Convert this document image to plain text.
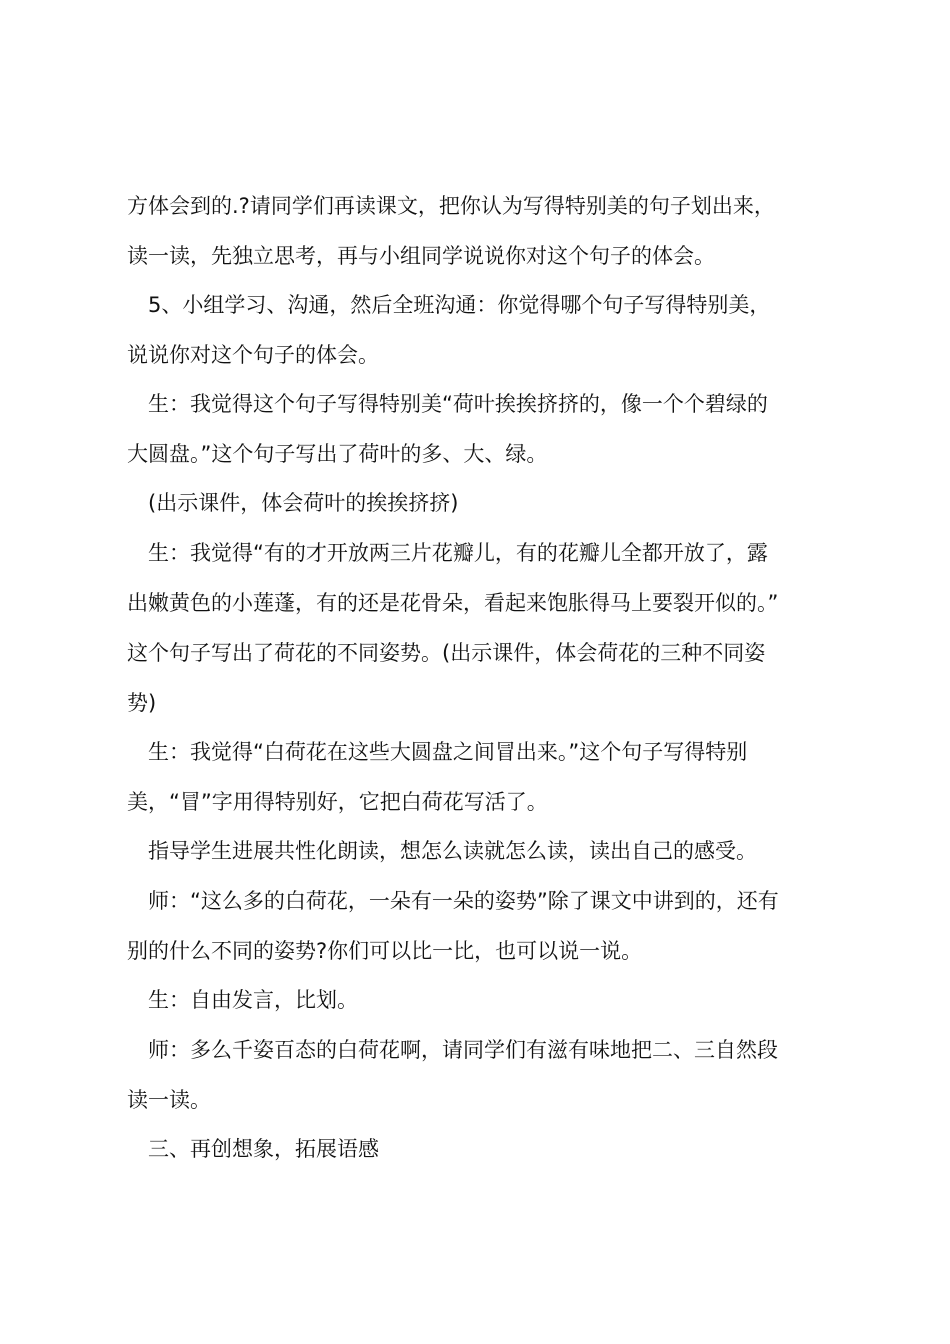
方体会到的.?请同学们再读课文，把你认为写得特别美的句子划出来，
读一读，先独立思考，再与小组同学说说你对这个句子的体会。

　5、小组学习、沟通，然后全班沟通：你觉得哪个句子写得特别美，
说说你对这个句子的体会。

　生：我觉得这个句子写得特别美“荷叶挨挨挤挤的，像一个个碧绿的
大圆盘。”这个句子写出了荷叶的多、大、绿。

　(出示课件，体会荷叶的挨挨挤挤)

　生：我觉得“有的才开放两三片花瓣儿，有的花瓣儿全都开放了，露
出嫩黄色的小莲蓬，有的还是花骨朵，看起来饱胀得马上要裂开似的。”
这个句子写出了荷花的不同姿势。(出示课件，体会荷花的三种不同姿
势)

　生：我觉得“白荷花在这些大圆盘之间冒出来。”这个句子写得特别
美，“冒”字用得特别好，它把白荷花写活了。

　指导学生进展共性化朗读，想怎么读就怎么读，读出自己的感受。

　师：“这么多的白荷花，一朵有一朵的姿势”除了课文中讲到的，还有
别的什么不同的姿势?你们可以比一比，也可以说一说。

　生：自由发言，比划。

　师：多么千姿百态的白荷花啊，请同学们有滋有味地把二、三自然段
读一读。

　三、再创想象，拓展语感
